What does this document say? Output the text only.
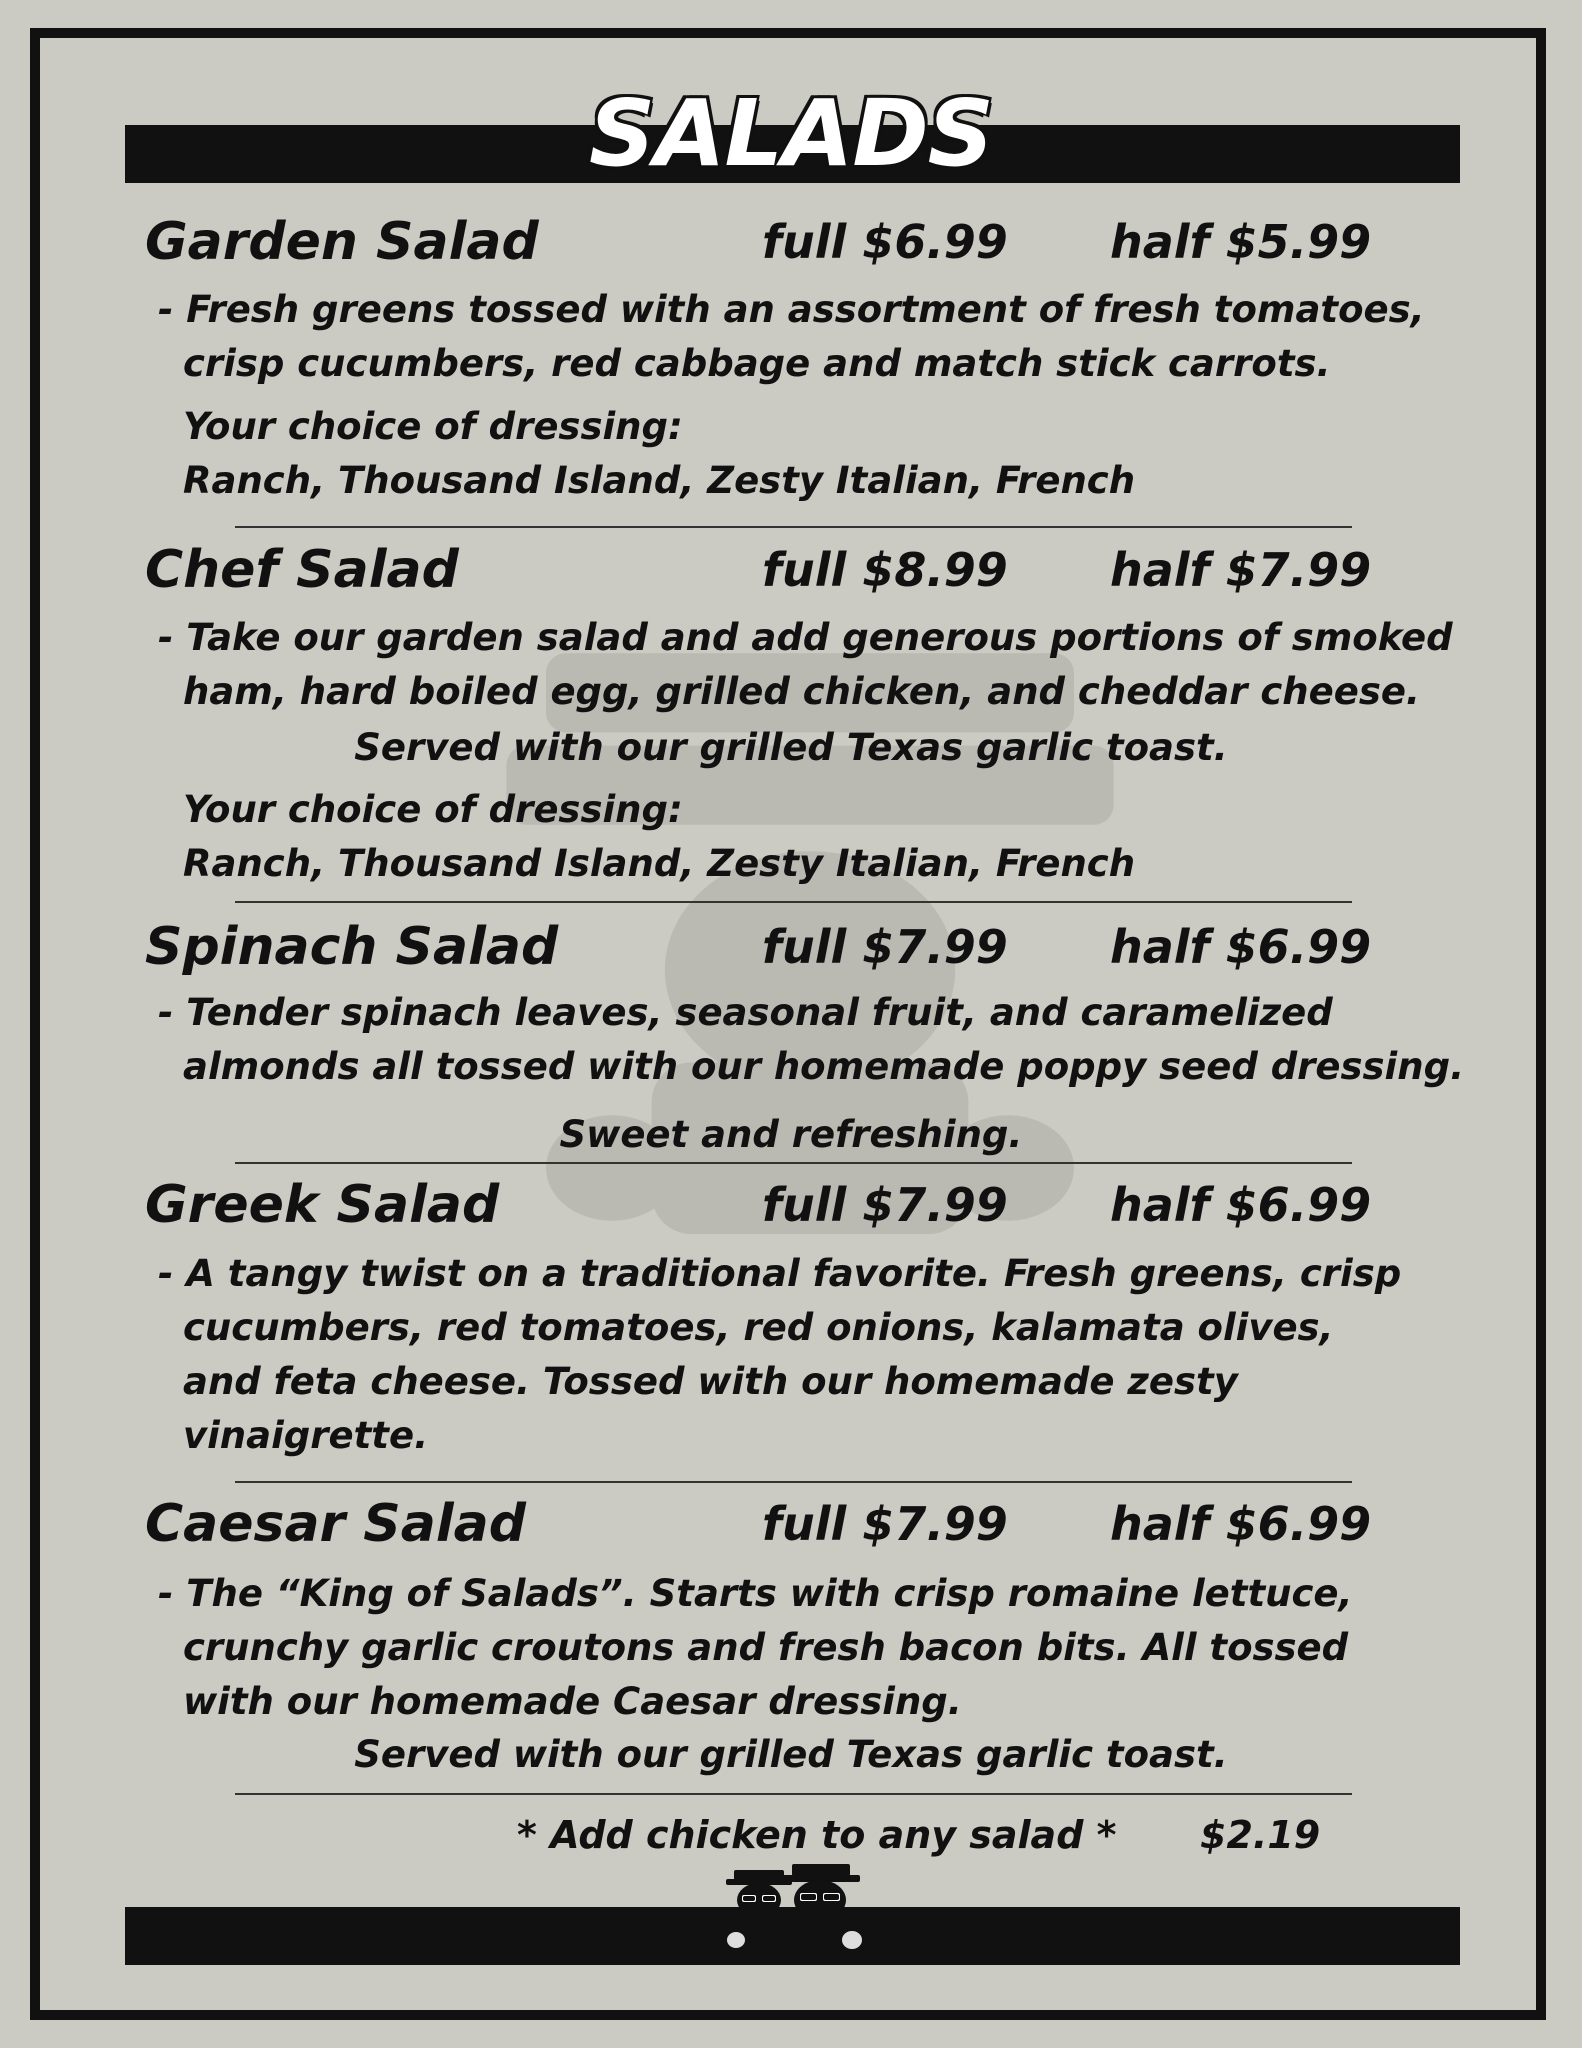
SALADS
Garden Salad	full $6.99 half $5.99
- Fresh greens tossed with an assortment of fresh tomatoes,
crisp cucumbers, red cabbage and match stick carrots.
Your choice of dressing:
Ranch, Thousand Island, Zesty Italian, French
Chef Salad	full $8.99 half $7.99
- Take our garden salad and add generous portions of smoked
ham, hard boiled egg, grilled chicken, and cheddar cheese.
Served with our grilled Texas garlic toast.
Your choice of dressing:
Ranch, Thousand Island, Zesty Italian, French
Spinach Salad	full $7.99 half $6.99
- Tender spinach leaves, seasonal fruit, and caramelized
almonds all tossed with our homemade poppy seed dressing.
Sweet and refreshing.
Greek Salad	full $7.99 half $6.99
- A tangy twist on a traditional favorite. Fresh greens, crisp
cucumbers, red tomatoes, red onions, kalamata olives,
and feta cheese. Tossed with our homemade zesty
vinaigrette.
Caesar Salad	full $7.99 half $6.99
- The “King of Salads”. Starts with crisp romaine lettuce,
crunchy garlic croutons and fresh bacon bits. All tossed
with our homemade Caesar dressing.
Served with our grilled Texas garlic toast.
* Add chicken to any salad * $2.19
